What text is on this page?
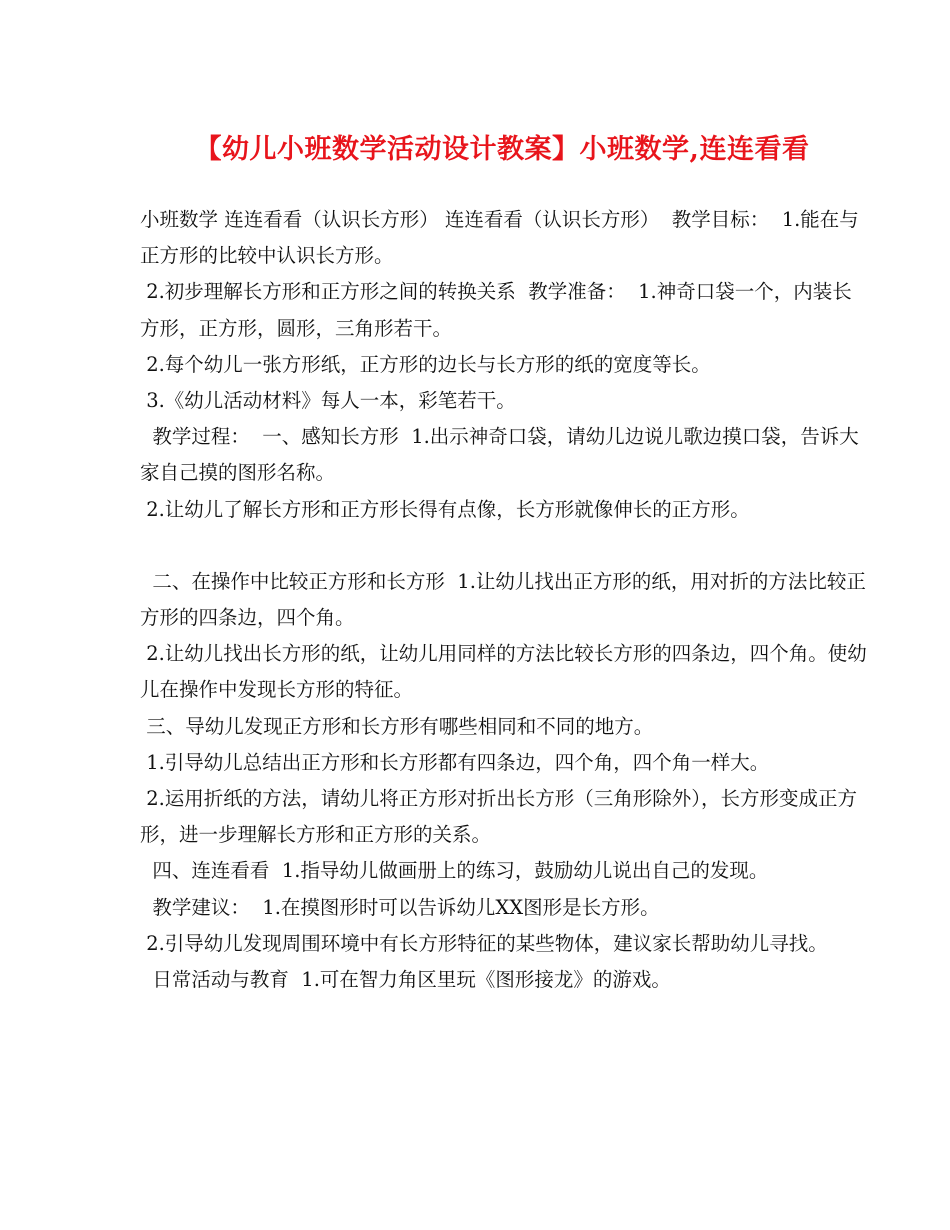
【幼儿小班数学活动设计教案】小班数学,连连看看

小班数学 连连看看（认识长方形） 连连看看（认识长方形）  教学目标：  1.能在与正方形的比较中认识长方形。

2.初步理解长方形和正方形之间的转换关系  教学准备：  1.神奇口袋一个，内装长方形，正方形，圆形，三角形若干。

2.每个幼儿一张方形纸，正方形的边长与长方形的纸的宽度等长。

3.《幼儿活动材料》每人一本，彩笔若干。

教学过程：  一、感知长方形  1.出示神奇口袋，请幼儿边说儿歌边摸口袋，告诉大家自己摸的图形名称。

2.让幼儿了解长方形和正方形长得有点像，长方形就像伸长的正方形。

二、在操作中比较正方形和长方形  1.让幼儿找出正方形的纸，用对折的方法比较正方形的四条边，四个角。

2.让幼儿找出长方形的纸，让幼儿用同样的方法比较长方形的四条边，四个角。使幼儿在操作中发现长方形的特征。

三、导幼儿发现正方形和长方形有哪些相同和不同的地方。

1.引导幼儿总结出正方形和长方形都有四条边，四个角，四个角一样大。

2.运用折纸的方法，请幼儿将正方形对折出长方形（三角形除外），长方形变成正方形，进一步理解长方形和正方形的关系。

四、连连看看  1.指导幼儿做画册上的练习，鼓励幼儿说出自己的发现。

教学建议：  1.在摸图形时可以告诉幼儿XX图形是长方形。

2.引导幼儿发现周围环境中有长方形特征的某些物体，建议家长帮助幼儿寻找。

日常活动与教育  1.可在智力角区里玩《图形接龙》的游戏。
